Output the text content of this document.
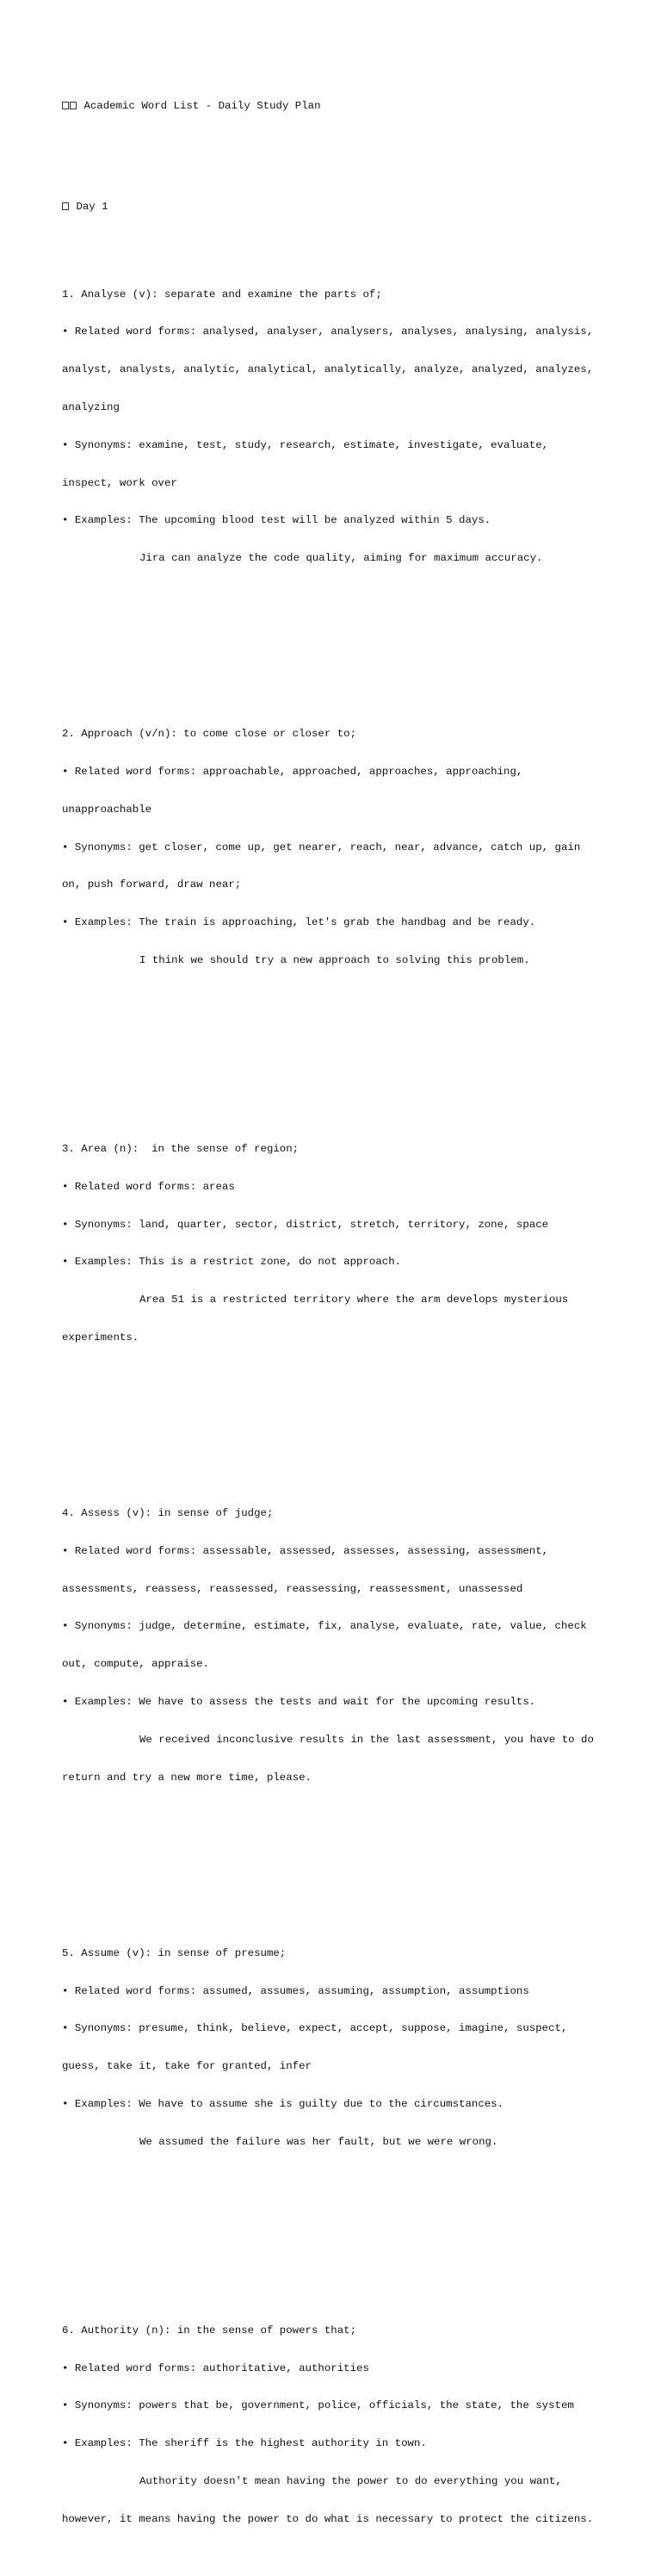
Academic Word List - Daily Study Plan

Day 1

1. Analyse (v): separate and examine the parts of;

• Related word forms: analysed, analyser, analysers, analyses, analysing, analysis,

analyst, analysts, analytic, analytical, analytically, analyze, analyzed, analyzes,

analyzing

• Synonyms: examine, test, study, research, estimate, investigate, evaluate,

inspect, work over

• Examples: The upcoming blood test will be analyzed within 5 days.

Jira can analyze the code quality, aiming for maximum accuracy.

2. Approach (v/n): to come close or closer to;

• Related word forms: approachable, approached, approaches, approaching,

unapproachable

• Synonyms: get closer, come up, get nearer, reach, near, advance, catch up, gain

on, push forward, draw near;

• Examples: The train is approaching, let's grab the handbag and be ready.

I think we should try a new approach to solving this problem.

3. Area (n):  in the sense of region;

• Related word forms: areas

• Synonyms: land, quarter, sector, district, stretch, territory, zone, space

• Examples: This is a restrict zone, do not approach.

Area 51 is a restricted territory where the arm develops mysterious

experiments.

4. Assess (v): in sense of judge;

• Related word forms: assessable, assessed, assesses, assessing, assessment,

assessments, reassess, reassessed, reassessing, reassessment, unassessed

• Synonyms: judge, determine, estimate, fix, analyse, evaluate, rate, value, check

out, compute, appraise.

• Examples: We have to assess the tests and wait for the upcoming results.

We received inconclusive results in the last assessment, you have to do

return and try a new more time, please.

5. Assume (v): in sense of presume;

• Related word forms: assumed, assumes, assuming, assumption, assumptions

• Synonyms: presume, think, believe, expect, accept, suppose, imagine, suspect,

guess, take it, take for granted, infer

• Examples: We have to assume she is guilty due to the circumstances.

We assumed the failure was her fault, but we were wrong.

6. Authority (n): in the sense of powers that;

• Related word forms: authoritative, authorities

• Synonyms: powers that be, government, police, officials, the state, the system

• Examples: The sheriff is the highest authority in town.

Authority doesn't mean having the power to do everything you want,

however, it means having the power to do what is necessary to protect the citizens.
